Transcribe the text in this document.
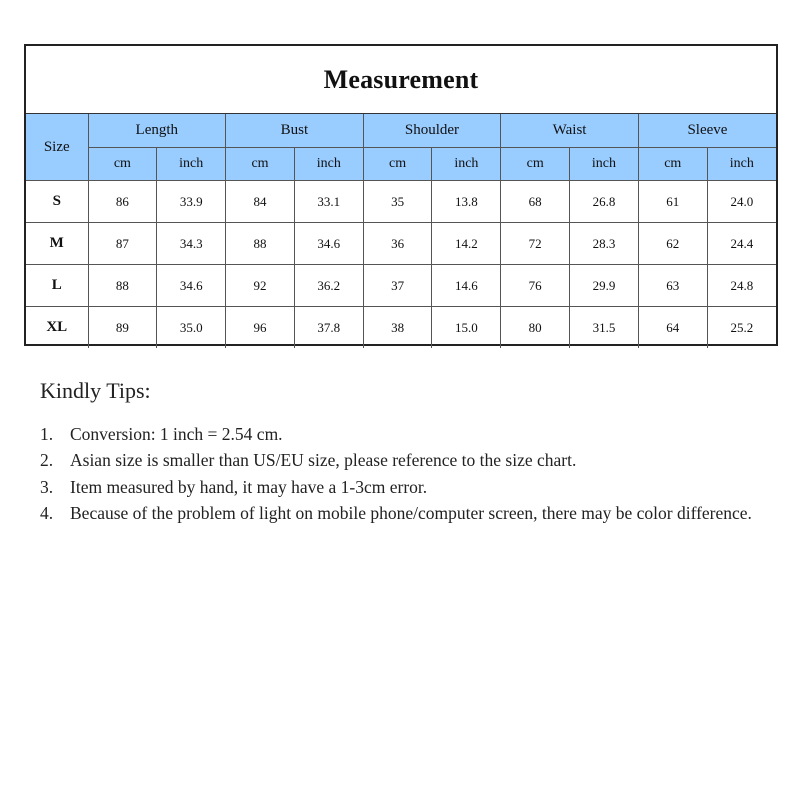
Measurement
Size	Length		Bust		Shoulder		Waist		Sleeve	
	cm	inch	cm	inch	cm	inch	cm	inch	cm	inch
S	86	33.9	84	33.1	35	13.8	68	26.8	61	24.0
M	87	34.3	88	34.6	36	14.2	72	28.3	62	24.4
L	88	34.6	92	36.2	37	14.6	76	29.9	63	24.8
XL	89	35.0	96	37.8	38	15.0	80	31.5	64	25.2
Kindly Tips:
1. Conversion: 1 inch = 2.54 cm.
2. Asian size is smaller than US/EU size, please reference to the size chart.
3. Item measured by hand, it may have a 1-3cm error.
4. Because of the problem of light on mobile phone/computer screen, there may be color difference.
